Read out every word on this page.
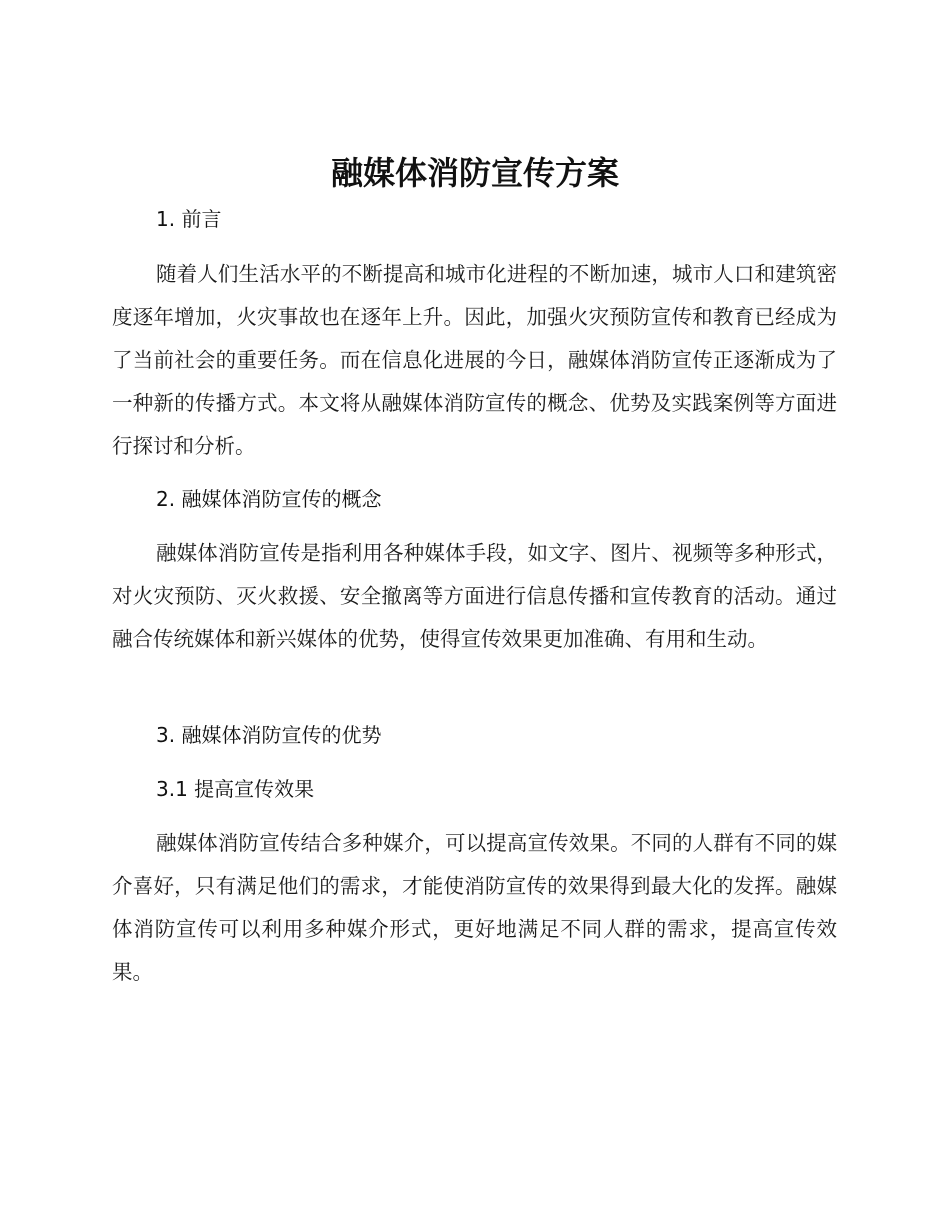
融媒体消防宣传方案
1. 前言
随着人们生活水平的不断提高和城市化进程的不断加速，城市人口和建筑密度逐年增加，火灾事故也在逐年上升。因此，加强火灾预防宣传和教育已经成为了当前社会的重要任务。而在信息化进展的今日，融媒体消防宣传正逐渐成为了一种新的传播方式。本文将从融媒体消防宣传的概念、优势及实践案例等方面进行探讨和分析。
2. 融媒体消防宣传的概念
融媒体消防宣传是指利用各种媒体手段，如文字、图片、视频等多种形式，对火灾预防、灭火救援、安全撤离等方面进行信息传播和宣传教育的活动。通过融合传统媒体和新兴媒体的优势，使得宣传效果更加准确、有用和生动。
3. 融媒体消防宣传的优势
3.1 提高宣传效果
融媒体消防宣传结合多种媒介，可以提高宣传效果。不同的人群有不同的媒介喜好，只有满足他们的需求，才能使消防宣传的效果得到最大化的发挥。融媒体消防宣传可以利用多种媒介形式，更好地满足不同人群的需求，提高宣传效果。
